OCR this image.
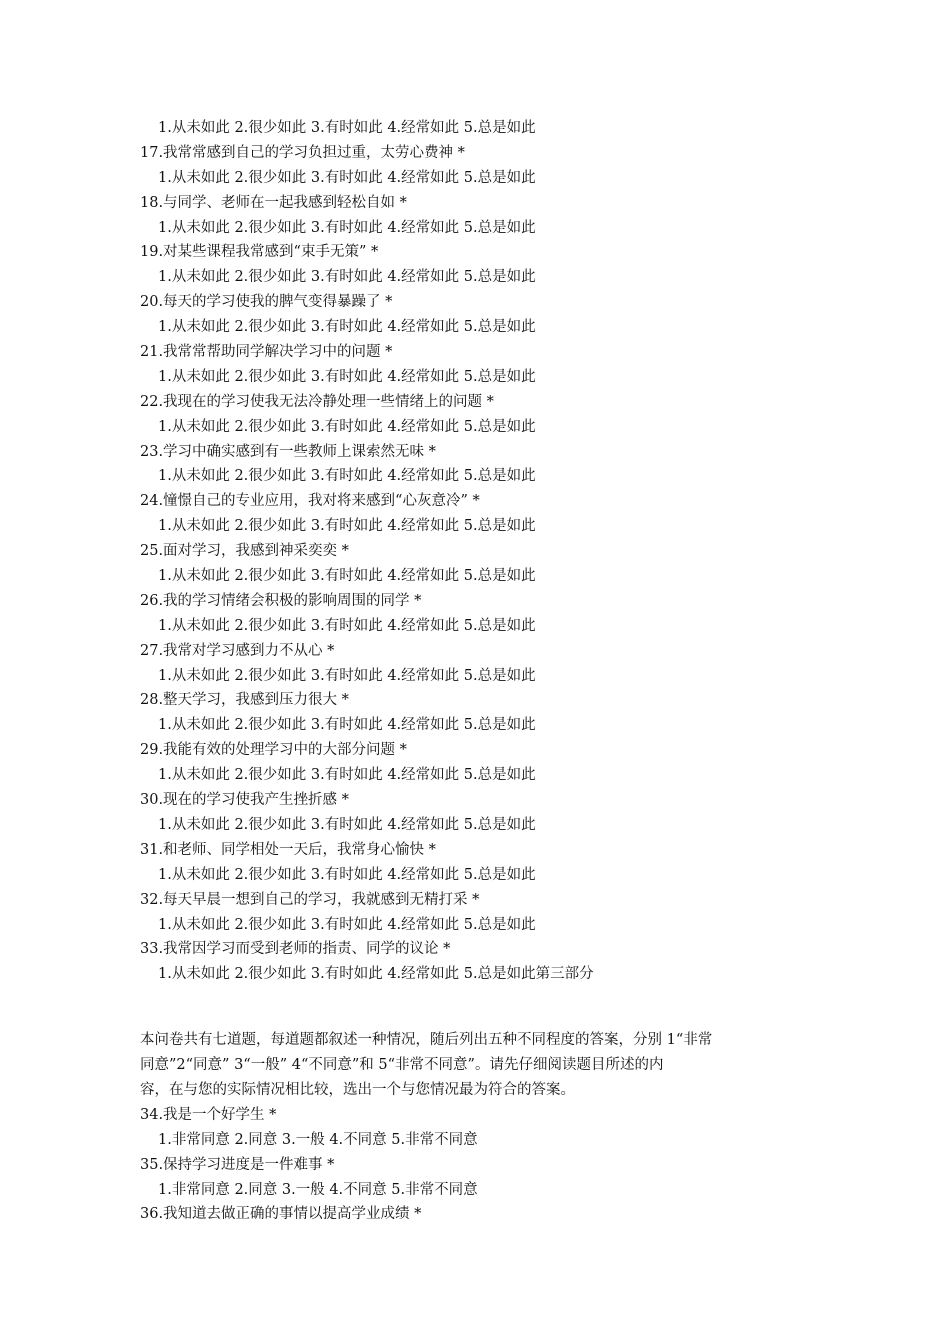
1.从未如此 2.很少如此 3.有时如此 4.经常如此 5.总是如此
17.我常常感到自己的学习负担过重，太劳心费神 *
1.从未如此 2.很少如此 3.有时如此 4.经常如此 5.总是如此
18.与同学、老师在一起我感到轻松自如 *
1.从未如此 2.很少如此 3.有时如此 4.经常如此 5.总是如此
19.对某些课程我常感到“束手无策” *
1.从未如此 2.很少如此 3.有时如此 4.经常如此 5.总是如此
20.每天的学习使我的脾气变得暴躁了 *
1.从未如此 2.很少如此 3.有时如此 4.经常如此 5.总是如此
21.我常常帮助同学解决学习中的问题 *
1.从未如此 2.很少如此 3.有时如此 4.经常如此 5.总是如此
22.我现在的学习使我无法冷静处理一些情绪上的问题 *
1.从未如此 2.很少如此 3.有时如此 4.经常如此 5.总是如此
23.学习中确实感到有一些教师上课索然无味 *
1.从未如此 2.很少如此 3.有时如此 4.经常如此 5.总是如此
24.憧憬自己的专业应用，我对将来感到“心灰意冷” *
1.从未如此 2.很少如此 3.有时如此 4.经常如此 5.总是如此
25.面对学习，我感到神采奕奕 *
1.从未如此 2.很少如此 3.有时如此 4.经常如此 5.总是如此
26.我的学习情绪会积极的影响周围的同学 *
1.从未如此 2.很少如此 3.有时如此 4.经常如此 5.总是如此
27.我常对学习感到力不从心 *
1.从未如此 2.很少如此 3.有时如此 4.经常如此 5.总是如此
28.整天学习，我感到压力很大 *
1.从未如此 2.很少如此 3.有时如此 4.经常如此 5.总是如此
29.我能有效的处理学习中的大部分问题 *
1.从未如此 2.很少如此 3.有时如此 4.经常如此 5.总是如此
30.现在的学习使我产生挫折感 *
1.从未如此 2.很少如此 3.有时如此 4.经常如此 5.总是如此
31.和老师、同学相处一天后，我常身心愉快 *
1.从未如此 2.很少如此 3.有时如此 4.经常如此 5.总是如此
32.每天早晨一想到自己的学习，我就感到无精打采 *
1.从未如此 2.很少如此 3.有时如此 4.经常如此 5.总是如此
33.我常因学习而受到老师的指责、同学的议论 *
1.从未如此 2.很少如此 3.有时如此 4.经常如此 5.总是如此第三部分
本问卷共有七道题，每道题都叙述一种情况，随后列出五种不同程度的答案，分别 1“非常
同意”2“同意” 3“一般” 4“不同意”和 5“非常不同意”。请先仔细阅读题目所述的内
容，在与您的实际情况相比较，选出一个与您情况最为符合的答案。
34.我是一个好学生 *
1.非常同意 2.同意 3.一般 4.不同意 5.非常不同意
35.保持学习进度是一件难事 *
1.非常同意 2.同意 3.一般 4.不同意 5.非常不同意
36.我知道去做正确的事情以提高学业成绩 *
